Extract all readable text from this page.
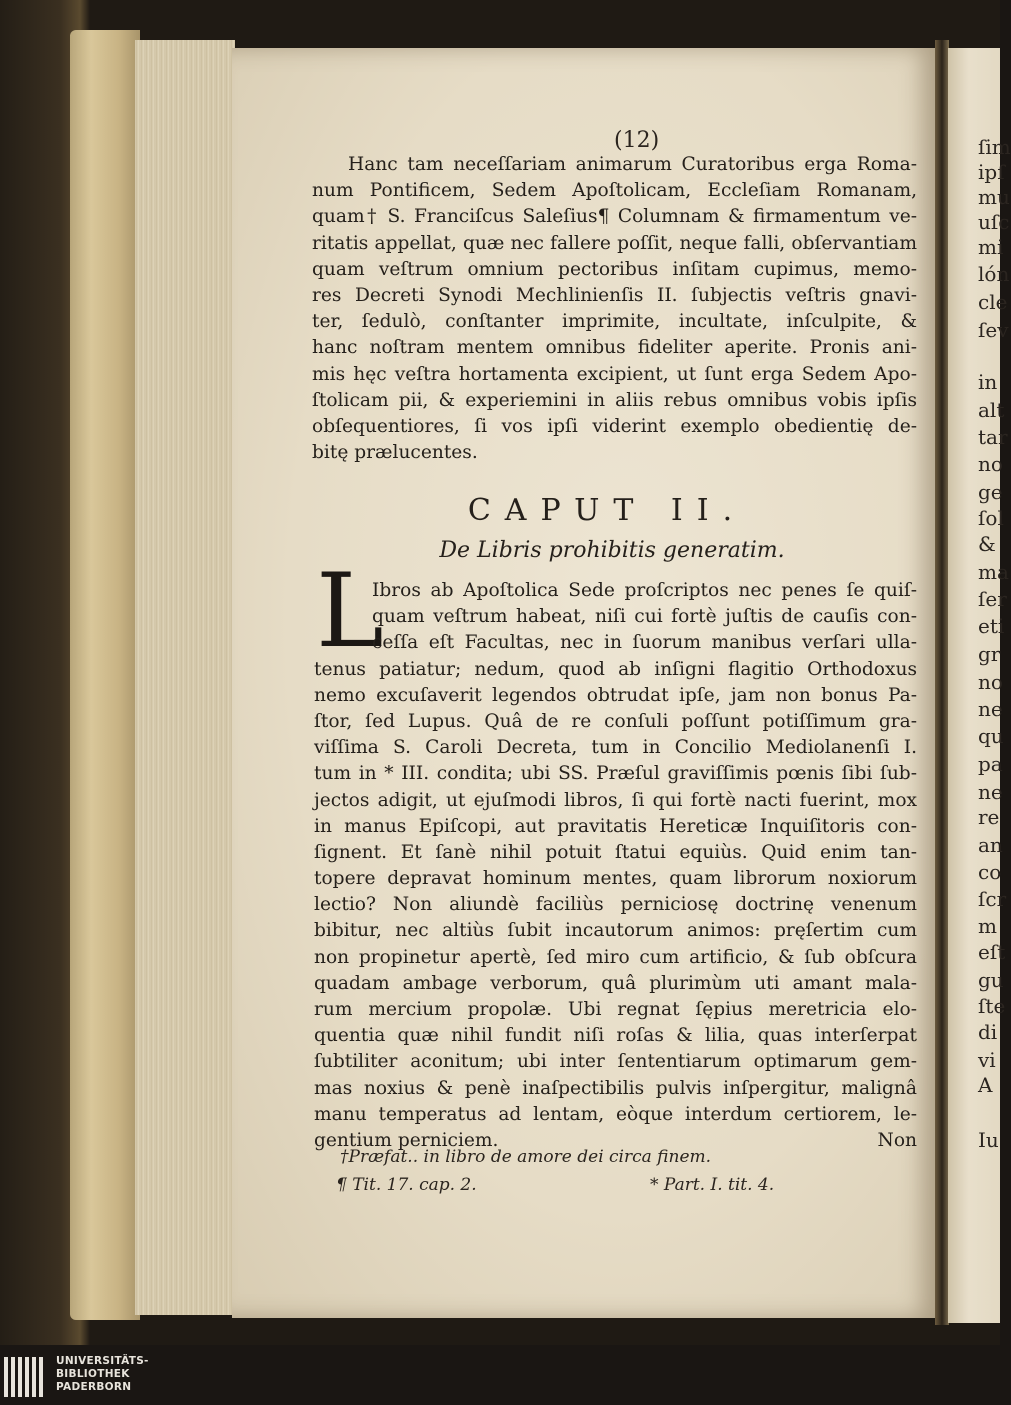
ſim
ipſ
mu
uſc
mi
lón
cle
ſev
in
alt
tar
no
ge
ſol
&
ma
ſer
eti
gr
no
ne
qu
pa
ne
re
an
co
ſcr
m
eſt
gu
ſte
di
vi
A
Iu
(12)
Hanc tam neceſſariam animarum Curatoribus erga Roma-
num Pontificem, Sedem Apoſtolicam, Eccleſiam Romanam,
quam† S. Franciſcus Saleſius¶ Columnam & firmamentum ve-
ritatis appellat, quæ nec fallere poſſit, neque falli, obſervantiam
quam veſtrum omnium pectoribus inſitam cupimus, memo-
res Decreti Synodi Mechlinienſis II. ſubjectis veſtris gnavi-
ter, ſedulò, conſtanter imprimite, incultate, inſculpite, &
hanc noſtram mentem omnibus fideliter aperite. Pronis ani-
mis hęc veſtra hortamenta excipient, ut ſunt erga Sedem Apo-
ſtolicam pii, & experiemini in aliis rebus omnibus vobis ipſis
obſequentiores, ſi vos ipſi viderint exemplo obedientię de-
bitę prælucentes.
CAPUT II.
De Libris prohibitis generatim.
L
Ibros ab Apoſtolica Sede proſcriptos nec penes ſe quiſ-
quam veſtrum habeat, niſi cui fortè juſtis de cauſis con-
ceſſa eſt Facultas, nec in ſuorum manibus verſari ulla-
tenus patiatur; nedum, quod ab inſigni flagitio Orthodoxus
nemo excuſaverit legendos obtrudat ipſe, jam non bonus Pa-
ſtor, ſed Lupus. Quâ de re conſuli poſſunt potiſſimum gra-
viſſima S. Caroli Decreta, tum in Concilio Mediolanenſi I.
tum in * III. condita; ubi SS. Præſul graviſſimis pœnis ſibi ſub-
jectos adigit, ut ejuſmodi libros, ſi qui fortè nacti fuerint, mox
in manus Epiſcopi, aut pravitatis Hereticæ Inquiſitoris con-
ſignent. Et ſanè nihil potuit ſtatui equiùs. Quid enim tan-
topere depravat hominum mentes, quam librorum noxiorum
lectio? Non aliundè faciliùs perniciosę doctrinę venenum
bibitur, nec altiùs ſubit incautorum animos: pręſertim cum
non propinetur apertè, ſed miro cum artificio, & ſub obſcura
quadam ambage verborum, quâ plurimùm uti amant mala-
rum mercium propolæ. Ubi regnat ſępius meretricia elo-
quentia quæ nihil fundit niſi roſas & lilia, quas interſerpat
ſubtiliter aconitum; ubi inter ſententiarum optimarum gem-
mas noxius & penè inaſpectibilis pulvis inſpergitur, malignâ
manu temperatus ad lentam, eòque interdum certiorem, le-
gentium perniciem.	Non
†Præfat.. in libro de amore dei circa finem.
¶ Tit. 17. cap. 2.	* Part. I. tit. 4.
UNIVERSITÄTS-
BIBLIOTHEK
PADERBORN
